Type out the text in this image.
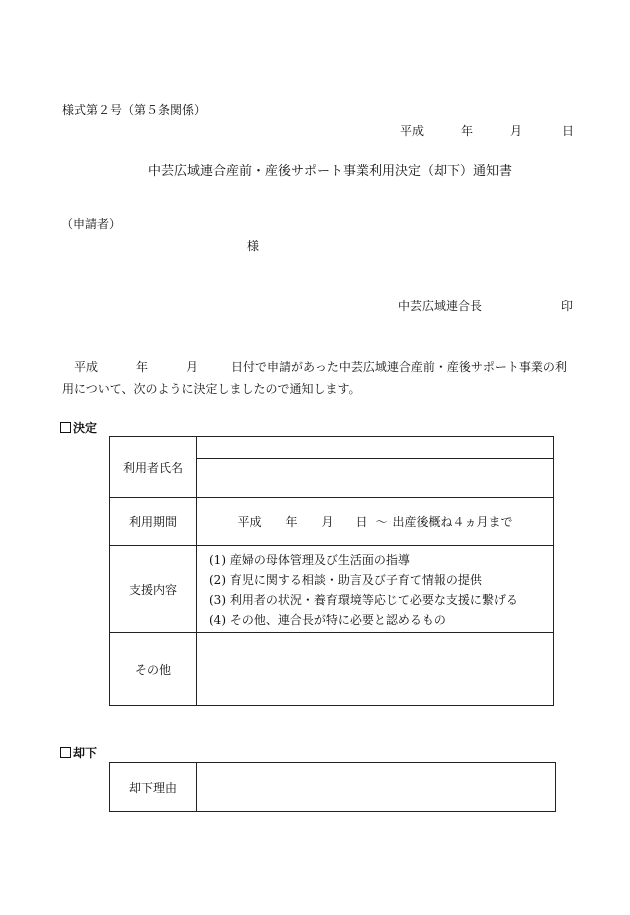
様式第２号（第５条関係）
平成	年	月	日
中芸広域連合産前・産後サポート事業利用決定（却下）通知書
（申請者）
様
中芸広域連合長	印
平成	年	月	日付で申請があった中芸広域連合産前・産後サポート事業の利
用について、次のように決定しましたので通知します。
決定
利用者氏名	

利用期間	平成 年 月 日 ～ 出産後概ね４ヵ月まで
支援内容	(1) 産婦の母体管理及び生活面の指導
(2) 育児に関する相談・助言及び子育て情報の提供
(3) 利用者の状況・養育環境等応じて必要な支援に繋げる
(4) その他、連合長が特に必要と認めるもの

その他	
却下
却下理由	
